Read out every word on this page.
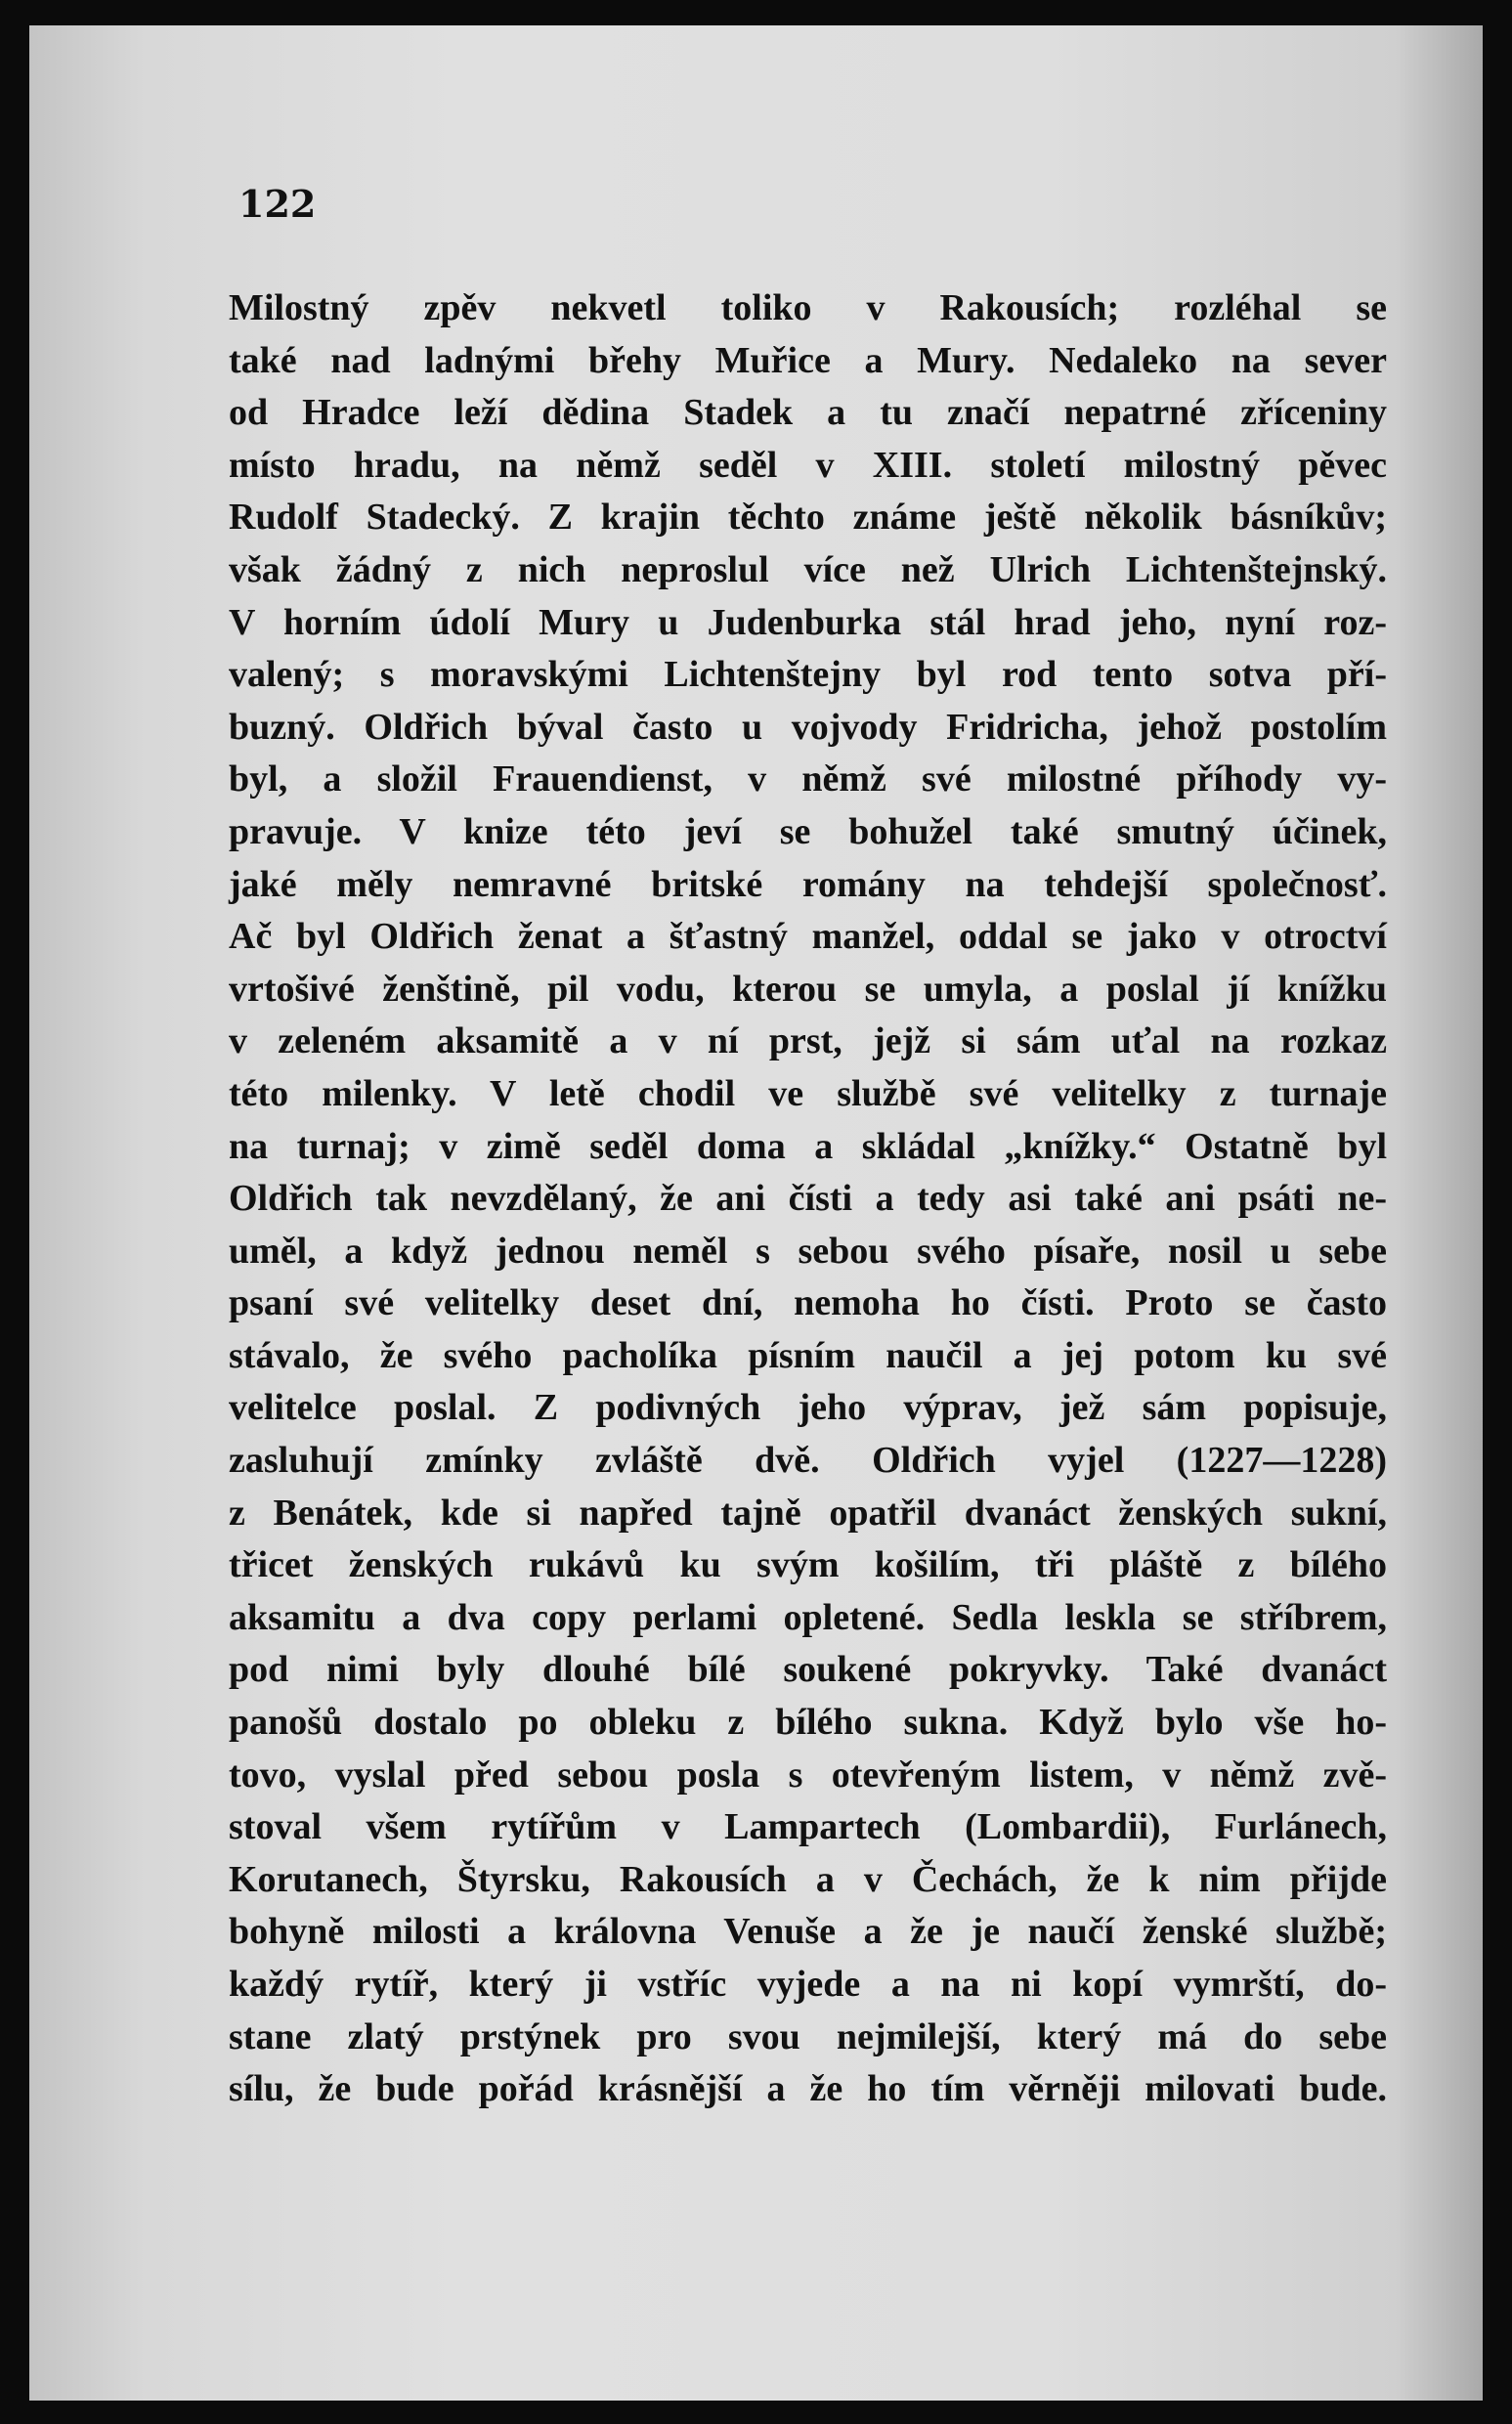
122
Milostný zpěv nekvetl toliko v Rakousích; rozléhal se
také nad ladnými břehy Muřice a Mury. Nedaleko na sever
od Hradce leží dědina Stadek a tu značí nepatrné zříceniny
místo hradu, na němž seděl v XIII. století milostný pěvec
Rudolf Stadecký. Z krajin těchto známe ještě několik básníkův;
však žádný z nich neproslul více než Ulrich Lichtenštejnský.
V horním údolí Mury u Judenburka stál hrad jeho, nyní roz-
valený; s moravskými Lichtenštejny byl rod tento sotva pří-
buzný. Oldřich býval často u vojvody Fridricha, jehož postolím
byl, a složil Frauendienst, v němž své milostné příhody vy-
pravuje. V knize této jeví se bohužel také smutný účinek,
jaké měly nemravné britské romány na tehdejší společnosť.
Ač byl Oldřich ženat a šťastný manžel, oddal se jako v otroctví
vrtošivé ženštině, pil vodu, kterou se umyla, a poslal jí knížku
v zeleném aksamitě a v ní prst, jejž si sám uťal na rozkaz
této milenky. V letě chodil ve službě své velitelky z turnaje
na turnaj; v zimě seděl doma a skládal „knížky.“ Ostatně byl
Oldřich tak nevzdělaný, že ani čísti a tedy asi také ani psáti ne-
uměl, a když jednou neměl s sebou svého písaře, nosil u sebe
psaní své velitelky deset dní, nemoha ho čísti. Proto se často
stávalo, že svého pacholíka písním naučil a jej potom ku své
velitelce poslal. Z podivných jeho výprav, jež sám popisuje,
zasluhují zmínky zvláště dvě. Oldřich vyjel (1227—1228)
z Benátek, kde si napřed tajně opatřil dvanáct ženských sukní,
třicet ženských rukávů ku svým košilím, tři pláště z bílého
aksamitu a dva copy perlami opletené. Sedla leskla se stříbrem,
pod nimi byly dlouhé bílé soukené pokryvky. Také dvanáct
panošů dostalo po obleku z bílého sukna. Když bylo vše ho-
tovo, vyslal před sebou posla s otevřeným listem, v němž zvě-
stoval všem rytířům v Lampartech (Lombardii), Furlánech,
Korutanech, Štyrsku, Rakousích a v Čechách, že k nim přijde
bohyně milosti a královna Venuše a že je naučí ženské službě;
každý rytíř, který ji vstříc vyjede a na ni kopí vymrští, do-
stane zlatý prstýnek pro svou nejmilejší, který má do sebe
sílu, že bude pořád krásnější a že ho tím věrněji milovati bude.
